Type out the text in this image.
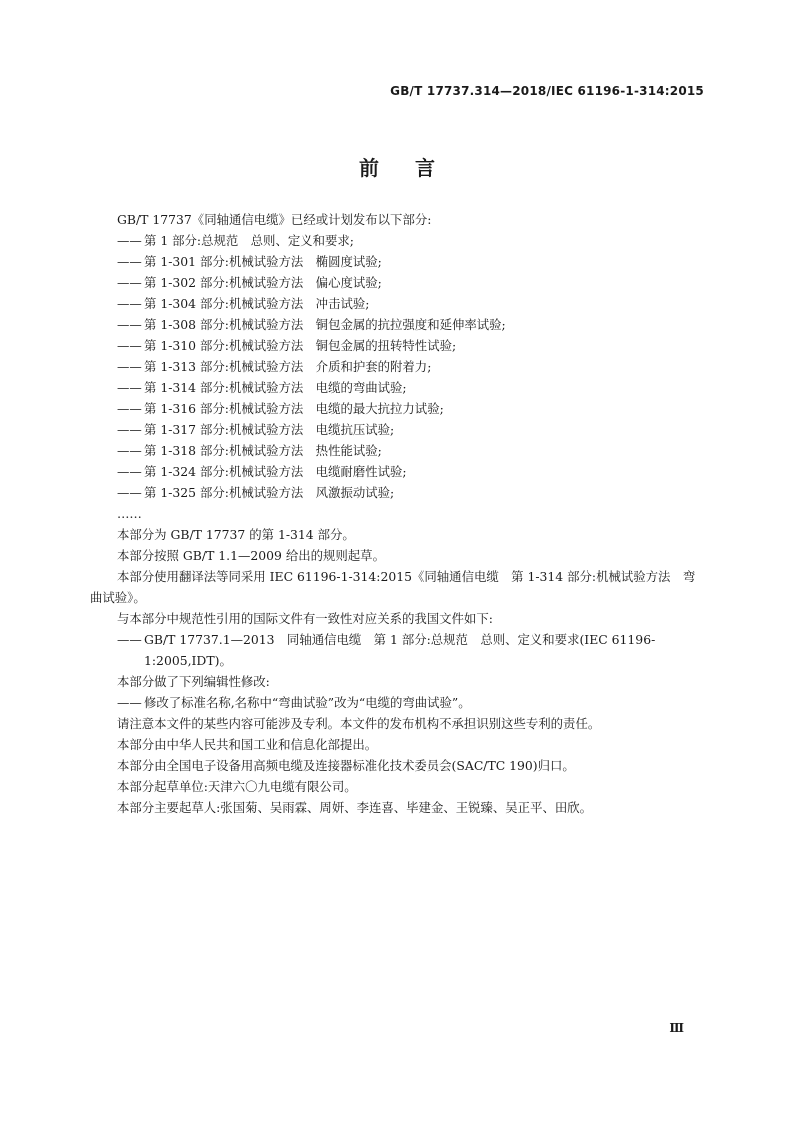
GB/T 17737.314—2018/IEC 61196-1-314:2015
前言

GB/T 17737《同轴通信电缆》已经或计划发布以下部分:

—— 第 1 部分:总规范　总则、定义和要求;

—— 第 1-301 部分:机械试验方法　椭圆度试验;

—— 第 1-302 部分:机械试验方法　偏心度试验;

—— 第 1-304 部分:机械试验方法　冲击试验;

—— 第 1-308 部分:机械试验方法　铜包金属的抗拉强度和延伸率试验;

—— 第 1-310 部分:机械试验方法　铜包金属的扭转特性试验;

—— 第 1-313 部分:机械试验方法　介质和护套的附着力;

—— 第 1-314 部分:机械试验方法　电缆的弯曲试验;

—— 第 1-316 部分:机械试验方法　电缆的最大抗拉力试验;

—— 第 1-317 部分:机械试验方法　电缆抗压试验;

—— 第 1-318 部分:机械试验方法　热性能试验;

—— 第 1-324 部分:机械试验方法　电缆耐磨性试验;

—— 第 1-325 部分:机械试验方法　风激振动试验;

……

本部分为 GB/T 17737 的第 1-314 部分。

本部分按照 GB/T 1.1—2009 给出的规则起草。

本部分使用翻译法等同采用 IEC 61196-1-314:2015《同轴通信电缆　第 1-314 部分:机械试验方法　弯曲试验》。

与本部分中规范性引用的国际文件有一致性对应关系的我国文件如下:

—— GB/T 17737.1—2013　同轴通信电缆　第 1 部分:总规范　总则、定义和要求(IEC 61196-1:2005,IDT)。

本部分做了下列编辑性修改:

—— 修改了标准名称,名称中“弯曲试验”改为“电缆的弯曲试验”。

请注意本文件的某些内容可能涉及专利。本文件的发布机构不承担识别这些专利的责任。

本部分由中华人民共和国工业和信息化部提出。

本部分由全国电子设备用高频电缆及连接器标准化技术委员会(SAC/TC 190)归口。

本部分起草单位:天津六〇九电缆有限公司。

本部分主要起草人:张国菊、吴雨霖、周妍、李连喜、毕建金、王锐臻、吴正平、田欣。

Ⅲ
